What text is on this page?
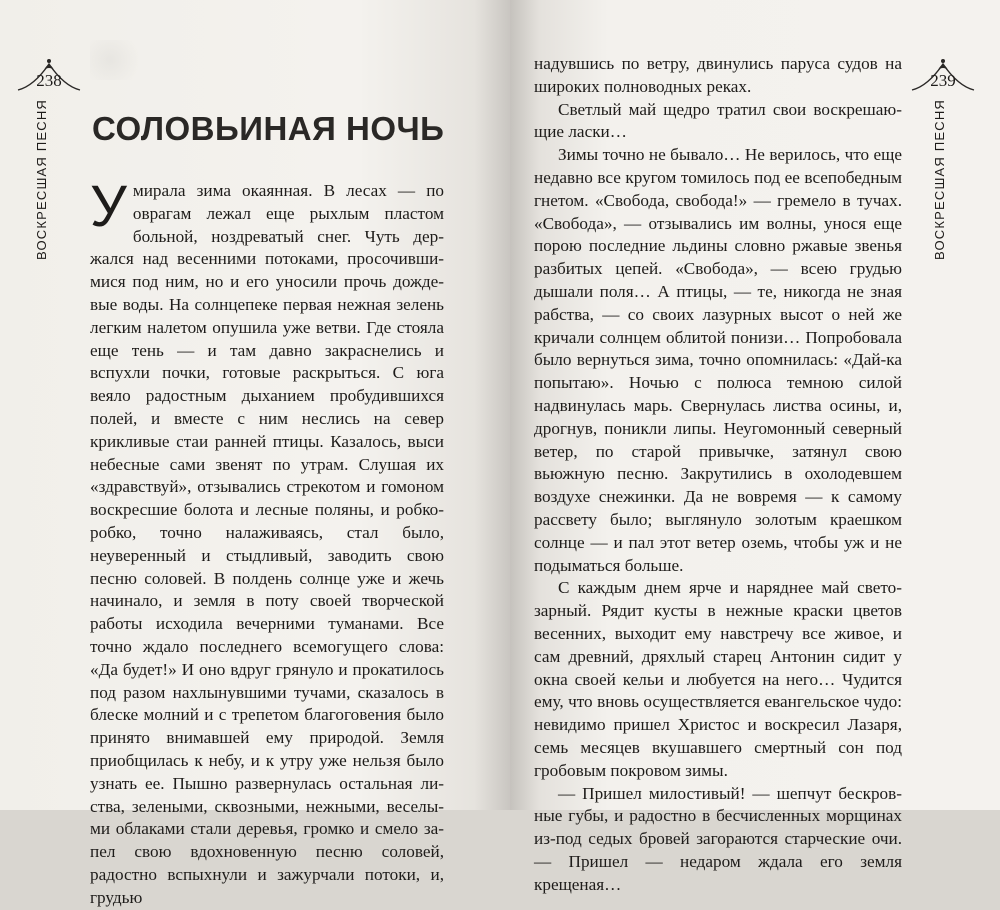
238
ВОСКРЕСШАЯ ПЕСНЯ СОЛОВЬИНАЯ НОЧЬ

Умирала зима окаянная. В лесах — по оврагам лежал еще рыхлым пластом больной, ноздреватый снег. Чуть держался над весенними потоками, просочившимися под ним, но и его уносили прочь дождевые воды. На солнцепеке первая нежная зелень легким налетом опушила уже ветви. Где стояла еще тень — и там давно закраснелись и вспухли почки, готовые раскрыться. С юга веяло радостным дыханием пробудившихся полей, и вместе с ним неслись на север крикливые стаи ранней птицы. Казалось, выси небесные сами звенят по утрам. Слушая их «здравствуй», отзывались стрекотом и гомоном воскресшие болота и лесные поляны, и робко-робко, точно налаживаясь, стал было, неуверенный и стыдливый, заводить свою песню соловей. В полдень солнце уже и жечь начинало, и земля в поту своей творческой работы исходила вечерними туманами. Все точно ждало последнего всемогущего слова: «Да будет!» И оно вдруг грянуло и прокатилось под разом нахлынувшими тучами, сказалось в блеске молний и с трепетом благоговения было принято внимавшей ему природой. Земля приобщилась к небу, и к утру уже нельзя было узнать ее. Пышно развернулась остальная листва, зелеными, сквозными, нежными, веселыми облаками стали деревья, громко и смело запел свою вдохновенную песню соловей, радостно вспыхнули и зажурчали потоки, и, грудью

239
ВОСКРЕСШАЯ ПЕСНЯ

надувшись по ветру, двинулись паруса судов на широких полноводных реках.

Светлый май щедро тратил свои воскрешающие ласки…

Зимы точно не бывало… Не верилось, что еще недавно все кругом томилось под ее всепобедным гнетом. «Свобода, свобода!» — гремело в тучах. «Свобода», — отзывались им волны, унося еще порою последние льдины словно ржавые звенья разбитых цепей. «Свобода», — всею грудью дышали поля… А птицы, — те, никогда не зная рабства, — со своих лазурных высот о ней же кричали солнцем облитой понизи… Попробовала было вернуться зима, точно опомнилась: «Дай-ка попытаю». Ночью с полюса темною силой надвинулась марь. Свернулась листва осины, и, дрогнув, поникли липы. Неугомонный северный ветер, по старой привычке, затянул свою вьюжную песню. Закрутились в охолодевшем воздухе снежинки. Да не вовремя — к самому рассвету было; выглянуло золотым краешком солнце — и пал этот ветер оземь, чтобы уж и не подыматься больше.

С каждым днем ярче и наряднее май светозарный. Рядит кусты в нежные краски цветов весенних, выходит ему навстречу все живое, и сам древний, дряхлый старец Антонин сидит у окна своей кельи и любуется на него… Чудится ему, что вновь осуществляется евангельское чудо: невидимо пришел Христос и воскресил Лазаря, семь месяцев вкушавшего смертный сон под гробовым покровом зимы.

— Пришел милостивый! — шепчут бескровные губы, и радостно в бесчисленных морщинах из-под седых бровей загораются старческие очи. — Пришел — недаром ждала его земля крещеная…
